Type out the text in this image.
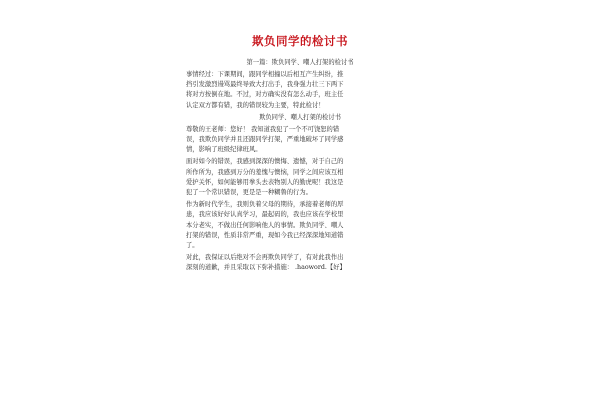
欺负同学的检讨书
第一篇：欺负同学、嘲人打架的检讨书
事情经过：下课期间，跟同学相撞以后相互产生纠纷，推
挡引发激烈谩骂最终导致大打出手，我身强力壮三下两下
将对方按倒在地。不过，对方确实没有怎么动手，班主任
认定双方都有错，我的错误较为主要，特此检讨！
欺负同学、嘲人打架的检讨书
尊敬的王老师：您好！ 我知道我犯了一个不可饶恕的错
误，我欺负同学并且还跟同学打架，严重地破坏了同学感
情，影响了班级纪律班风。
面对如今的错误，我感到深深的懊悔、遗憾，对于自己的
所作所为，我感到万分的羞愧与懊恼，同学之间应该互相
爱护关怀，如何能够用拳头去表物别人的勤虎呢！我这是
犯了一个常识错误，更是是一种糊鲁的行为。
作为新时代学生，我则负着父母的期待，承接着老师的厚
患，我应该好好认真学习，最起码的，我也应该在学校里
本分老实，不做出任何影响他人的事情。欺负同学、嘲人
打架的错误，性质非常严重，现如今我已经深深地知道错
了。
对此，我保证以后绝对不会再欺负同学了，有对此我作出
深刻的道歉，并且采取以下弥补措施： .haoword.【好】
